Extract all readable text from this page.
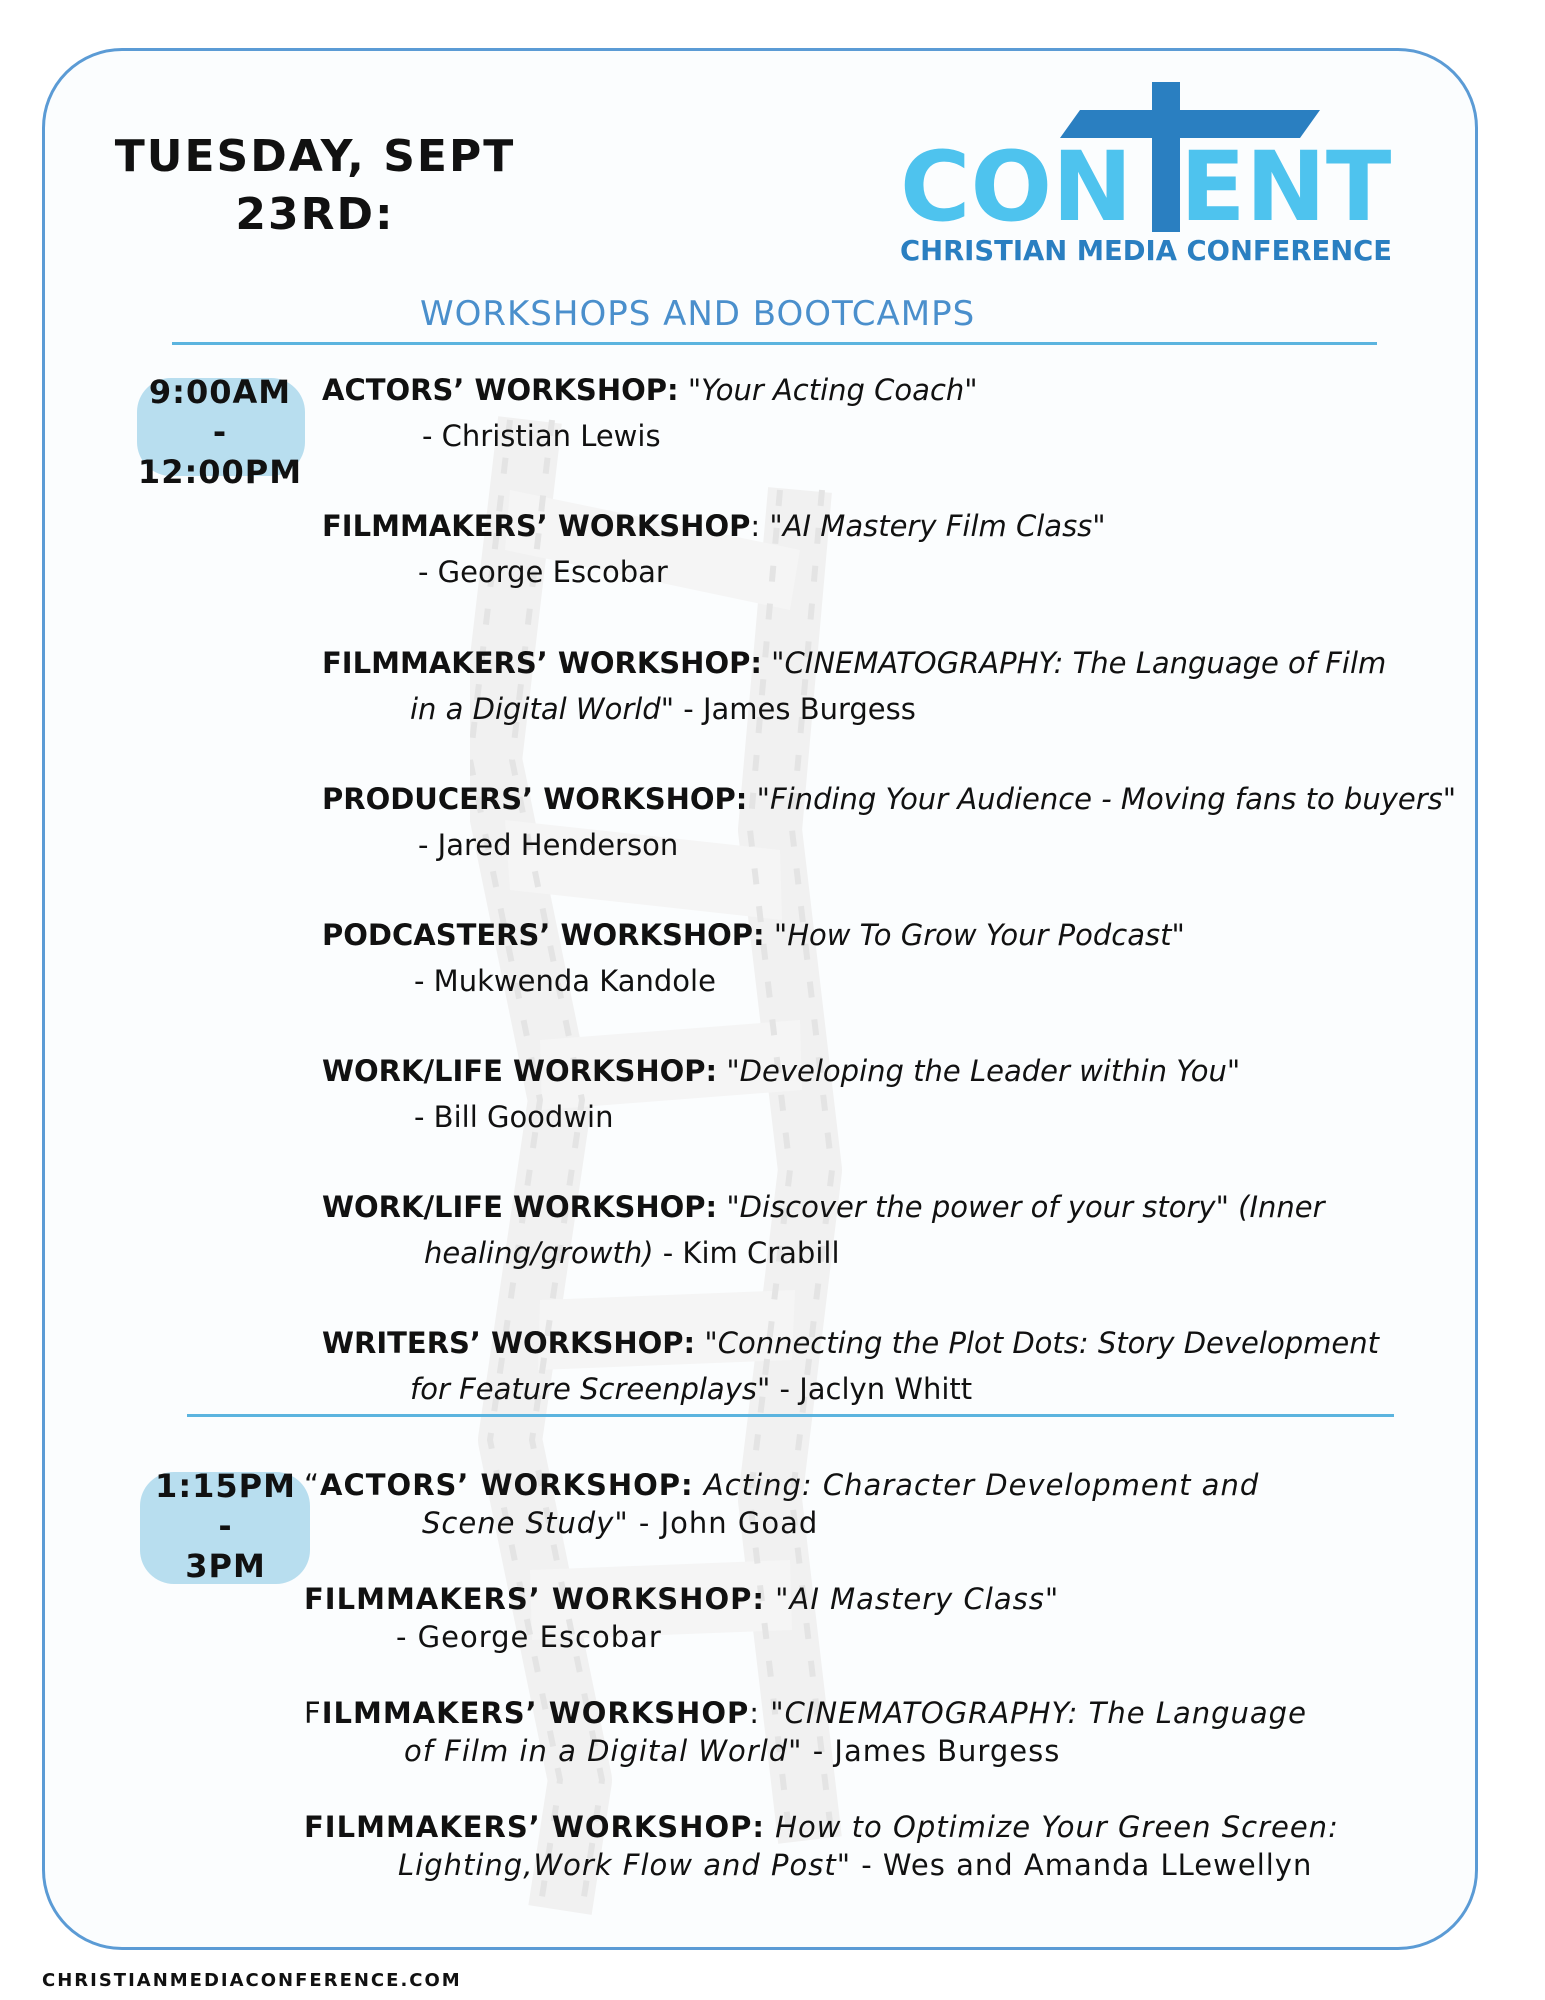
TUESDAY, SEPT
23RD:	CON ENT
CHRISTIAN MEDIA CONFERENCE
WORKSHOPS AND BOOTCAMPS
9:00AM
-
12:00PM
1:15PM
-
3PM
ACTORS’ WORKSHOP: "Your Acting Coach"
- Christian Lewis
FILMMAKERS’ WORKSHOP: "AI Mastery Film Class"
- George Escobar
FILMMAKERS’ WORKSHOP: "CINEMATOGRAPHY: The Language of Film
in a Digital World" - James Burgess
PRODUCERS’ WORKSHOP: "Finding Your Audience - Moving fans to buyers"
- Jared Henderson
PODCASTERS’ WORKSHOP: "How To Grow Your Podcast"
- Mukwenda Kandole
WORK/LIFE WORKSHOP: "Developing the Leader within You"
- Bill Goodwin
WORK/LIFE WORKSHOP: "Discover the power of your story" (Inner
healing/growth) - Kim Crabill
WRITERS’ WORKSHOP: "Connecting the Plot Dots: Story Development
for Feature Screenplays" - Jaclyn Whitt
“ACTORS’ WORKSHOP: Acting: Character Development and
Scene Study" - John Goad
FILMMAKERS’ WORKSHOP: "AI Mastery Class"
- George Escobar
FILMMAKERS’ WORKSHOP: "CINEMATOGRAPHY: The Language
of Film in a Digital World" - James Burgess
FILMMAKERS’ WORKSHOP: How to Optimize Your Green Screen:
Lighting,Work Flow and Post" - Wes and Amanda LLewellyn
CHRISTIANMEDIACONFERENCE.COM
